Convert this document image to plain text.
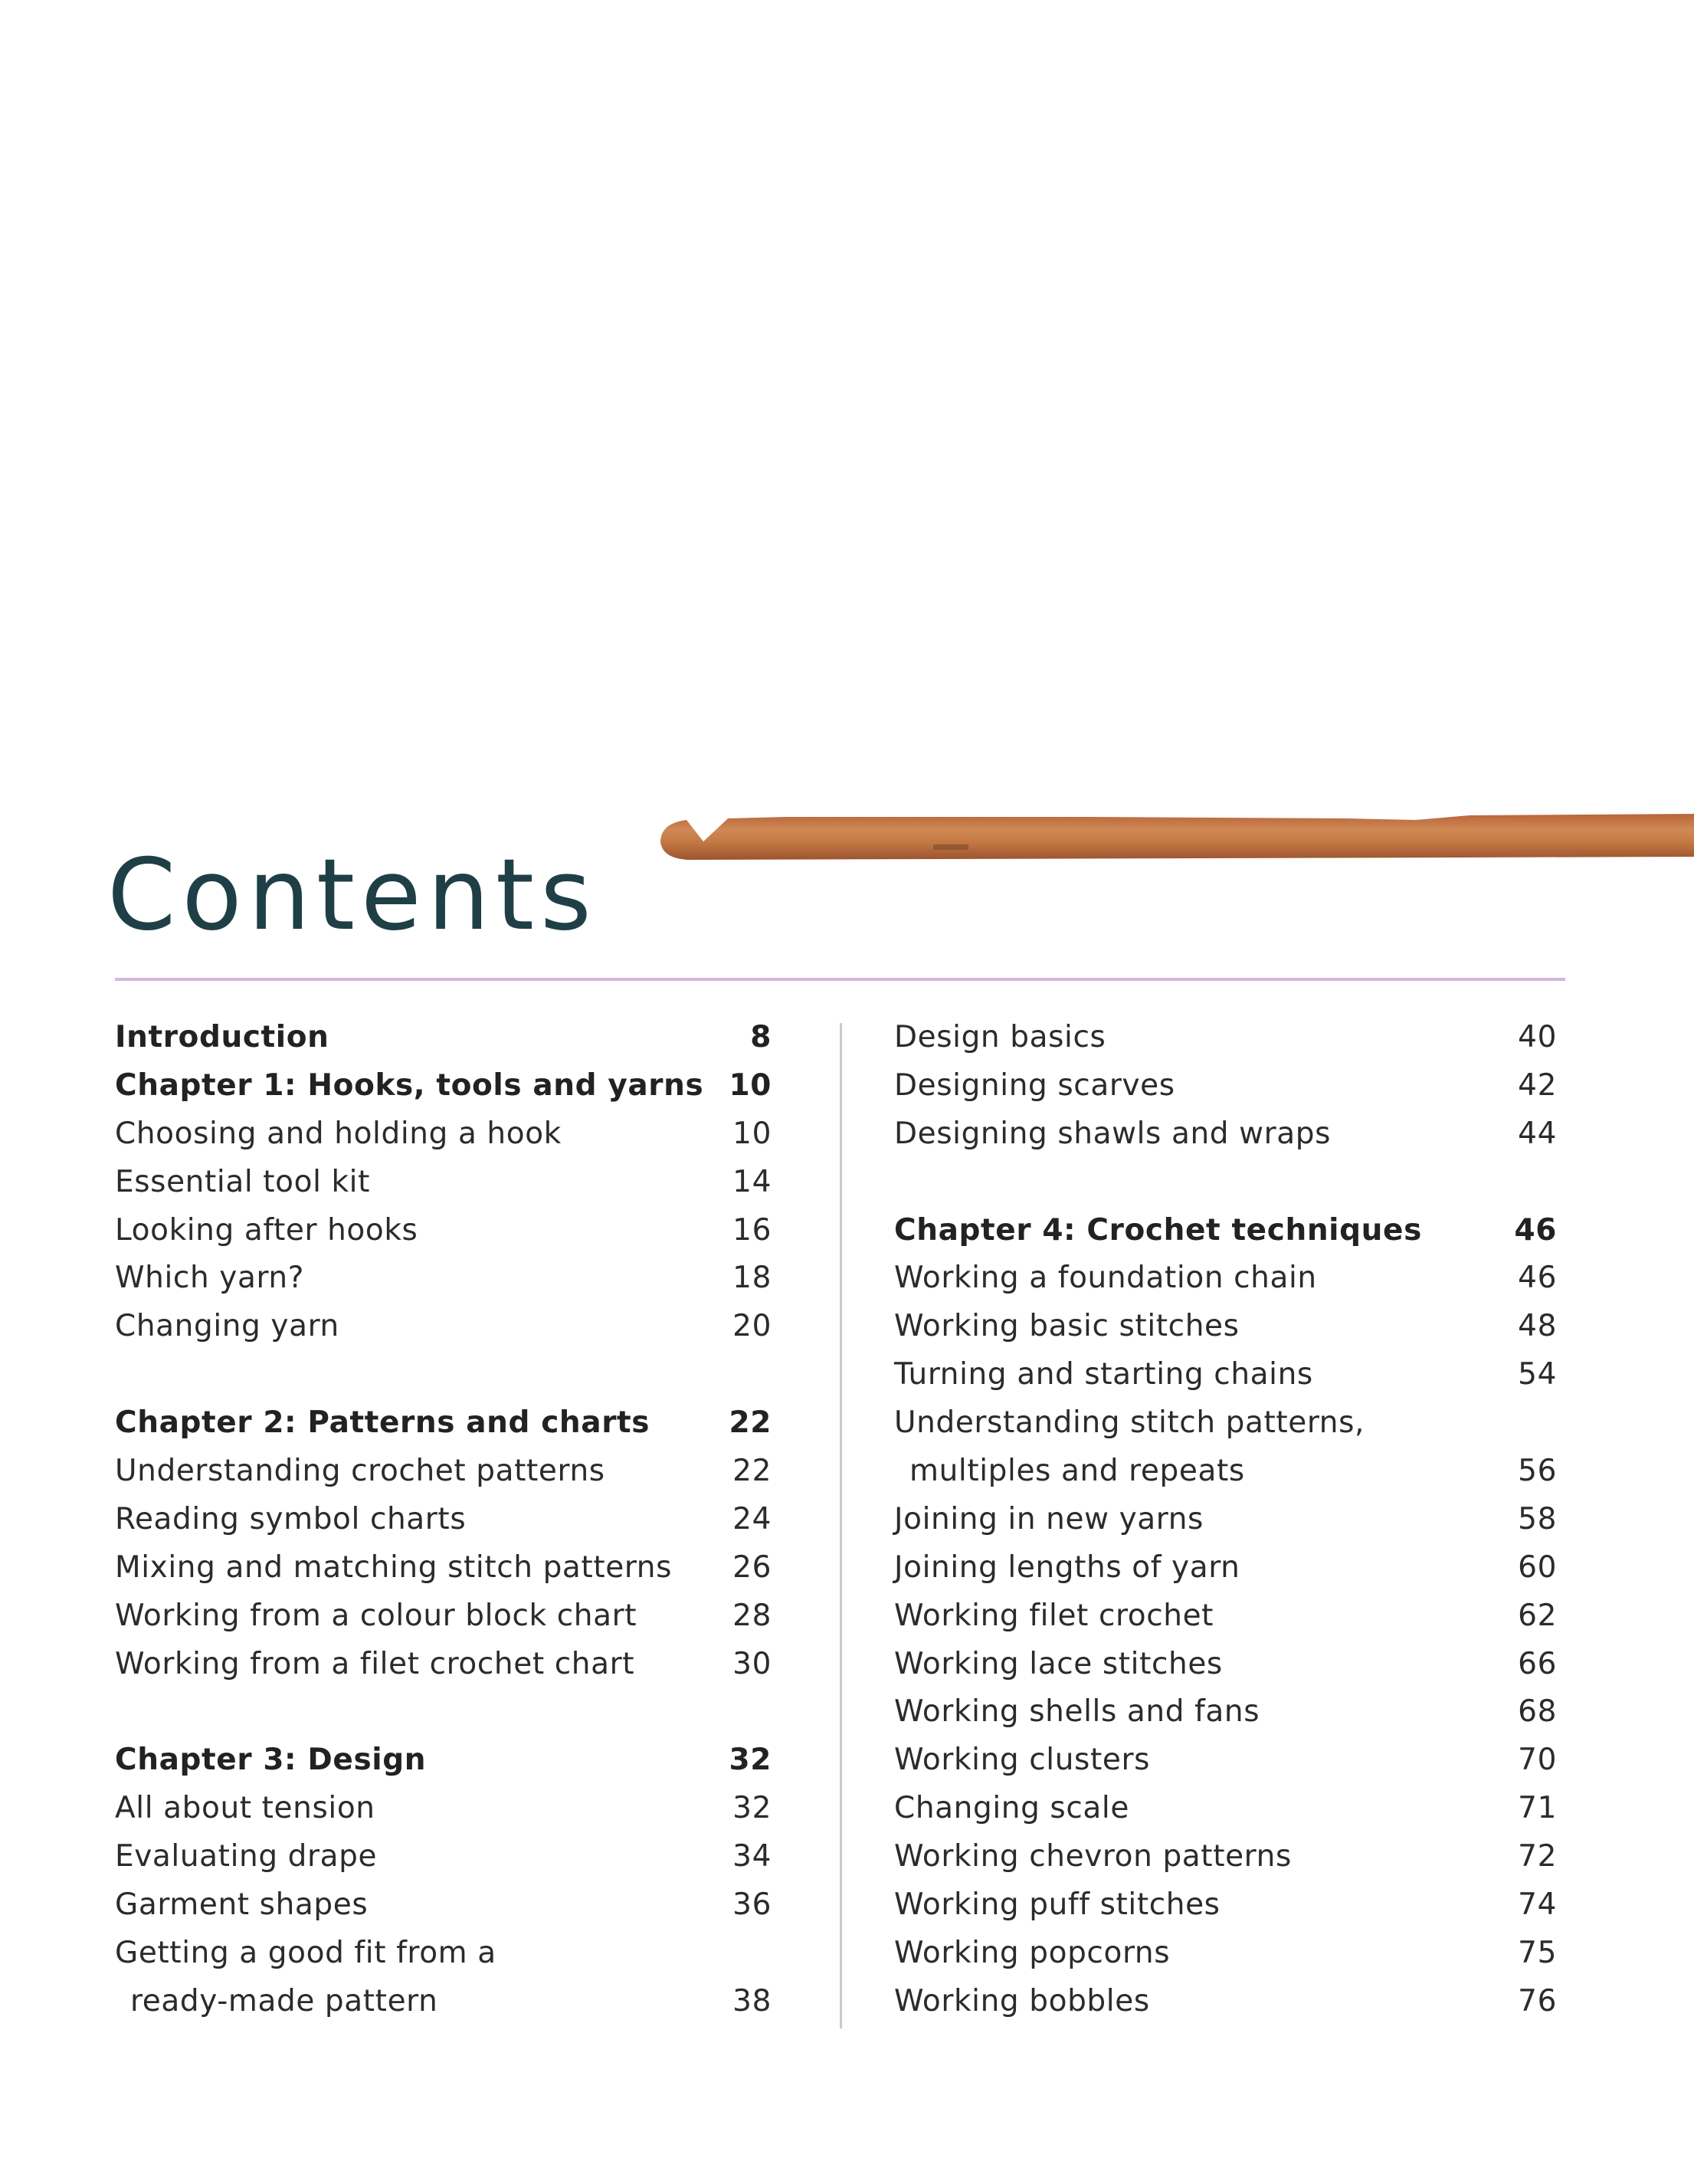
Contents
Introduction	8
Chapter 1: Hooks, tools and yarns 10
Choosing and holding a hook	10
Essential tool kit	14
Looking after hooks	16
Which yarn?	18
Changing yarn	20
Chapter 2: Patterns and charts	22
Understanding crochet patterns	22
Reading symbol charts	24
Mixing and matching stitch patterns 26
Working from a colour block chart	28
Working from a filet crochet chart	30
Chapter 3: Design	32
All about tension	32
Evaluating drape	34
Garment shapes	36
Getting a good fit from a
ready-made pattern	38
Design basics	40
Designing scarves	42
Designing shawls and wraps	44
Chapter 4: Crochet techniques	46
Working a foundation chain	46
Working basic stitches	48
Turning and starting chains	54
Understanding stitch patterns,
multiples and repeats	56
Joining in new yarns	58
Joining lengths of yarn	60
Working filet crochet	62
Working lace stitches	66
Working shells and fans	68
Working clusters	70
Changing scale	71
Working chevron patterns	72
Working puff stitches	74
Working popcorns	75
Working bobbles	76
